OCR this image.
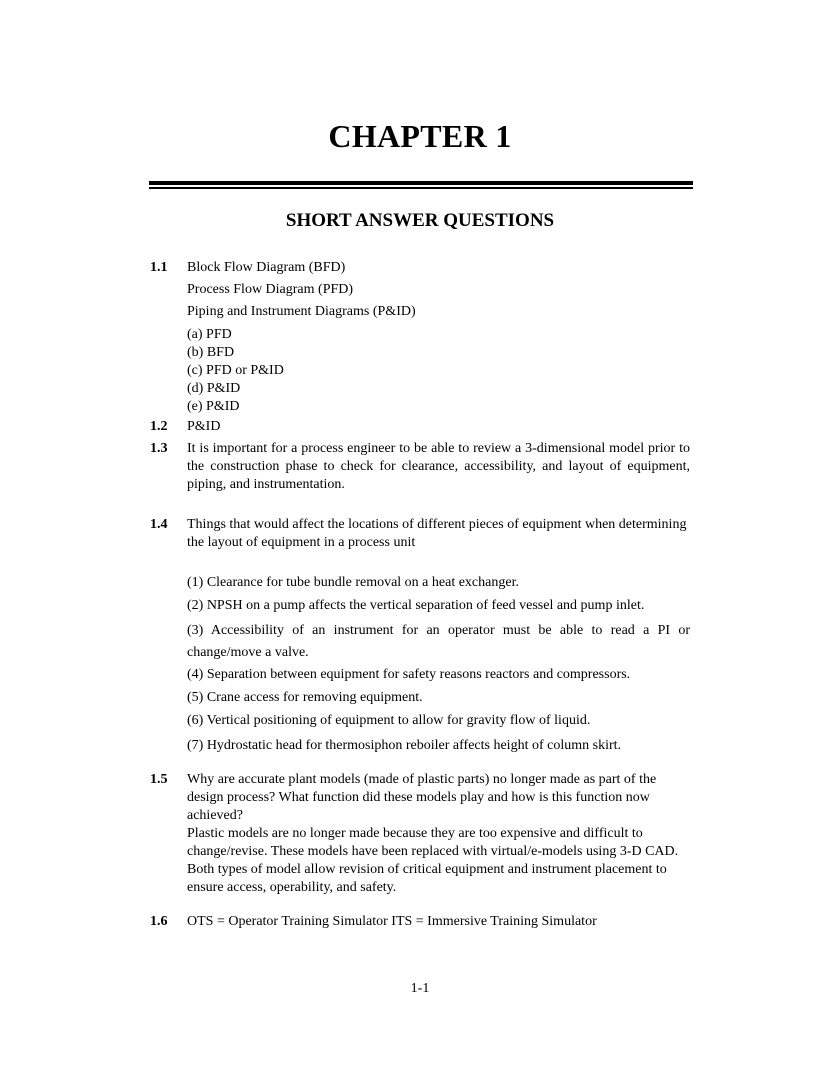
CHAPTER 1
SHORT ANSWER QUESTIONS
1.1 Block Flow Diagram (BFD)
Process Flow Diagram (PFD)
Piping and Instrument Diagrams (P&ID)
(a) PFD
(b) BFD
(c) PFD or P&ID
(d) P&ID
(e) P&ID
1.2 P&ID
1.3 It is important for a process engineer to be able to review a 3-dimensional model prior to the construction phase to check for clearance, accessibility, and layout of equipment, piping, and instrumentation.
1.4 Things that would affect the locations of different pieces of equipment when determining the layout of equipment in a process unit
(1) Clearance for tube bundle removal on a heat exchanger.
(2) NPSH on a pump affects the vertical separation of feed vessel and pump inlet.
(3) Accessibility of an instrument for an operator must be able to read a PI or change/move a valve.
(4) Separation between equipment for safety reasons reactors and compressors.
(5) Crane access for removing equipment.
(6) Vertical positioning of equipment to allow for gravity flow of liquid.
(7) Hydrostatic head for thermosiphon reboiler affects height of column skirt.
1.5 Why are accurate plant models (made of plastic parts) no longer made as part of the design process? What function did these models play and how is this function now achieved?
Plastic models are no longer made because they are too expensive and difficult to change/revise. These models have been replaced with virtual/e-models using 3-D CAD. Both types of model allow revision of critical equipment and instrument placement to ensure access, operability, and safety.
1.6 OTS = Operator Training Simulator ITS = Immersive Training Simulator
1-1
